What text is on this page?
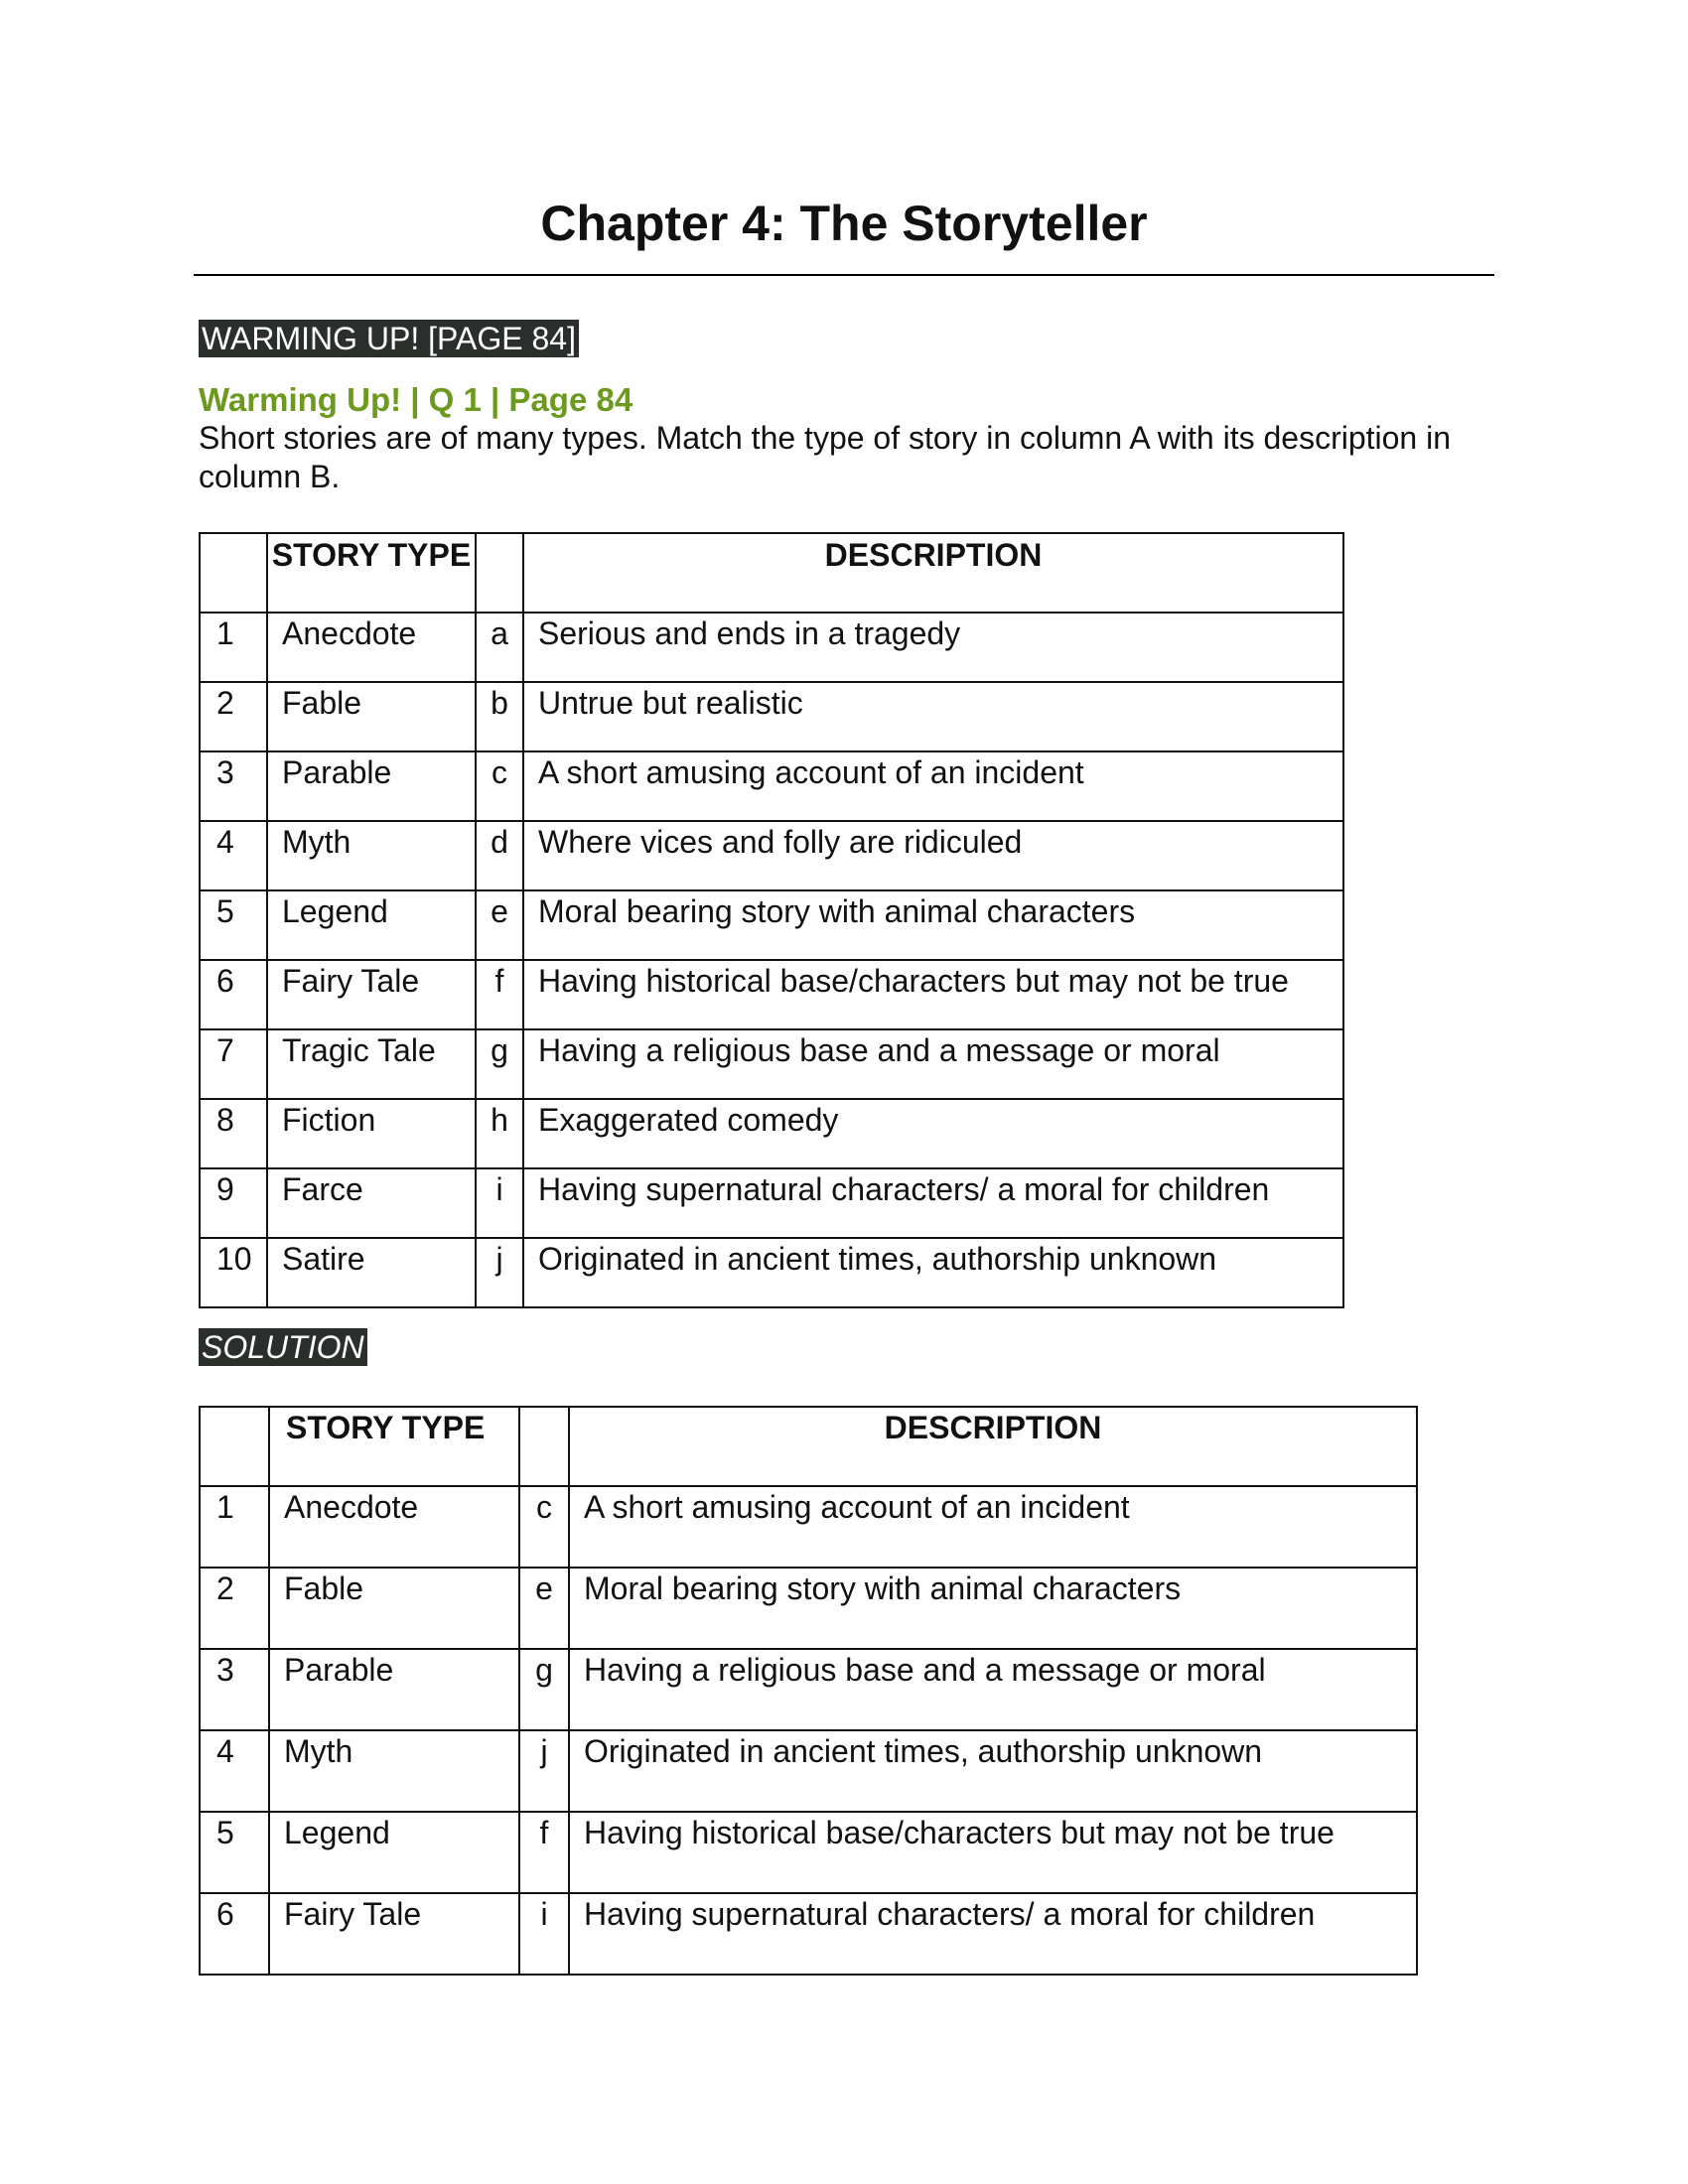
Chapter 4: The Storyteller
WARMING UP! [PAGE 84]
Warming Up! | Q 1 | Page 84

Short stories are of many types. Match the type of story in column A with its description in column B.

	STORY TYPE		DESCRIPTION
1	Anecdote	a	Serious and ends in a tragedy
2	Fable	b	Untrue but realistic
3	Parable	c	A short amusing account of an incident
4	Myth	d	Where vices and folly are ridiculed
5	Legend	e	Moral bearing story with animal characters
6	Fairy Tale	f	Having historical base/characters but may not be true
7	Tragic Tale	g	Having a religious base and a message or moral
8	Fiction	h	Exaggerated comedy
9	Farce	i	Having supernatural characters/ a moral for children
10	Satire	j	Originated in ancient times, authorship unknown
SOLUTION
	STORY TYPE		DESCRIPTION
1	Anecdote	c	A short amusing account of an incident
2	Fable	e	Moral bearing story with animal characters
3	Parable	g	Having a religious base and a message or moral
4	Myth	j	Originated in ancient times, authorship unknown
5	Legend	f	Having historical base/characters but may not be true
6	Fairy Tale	i	Having supernatural characters/ a moral for children
